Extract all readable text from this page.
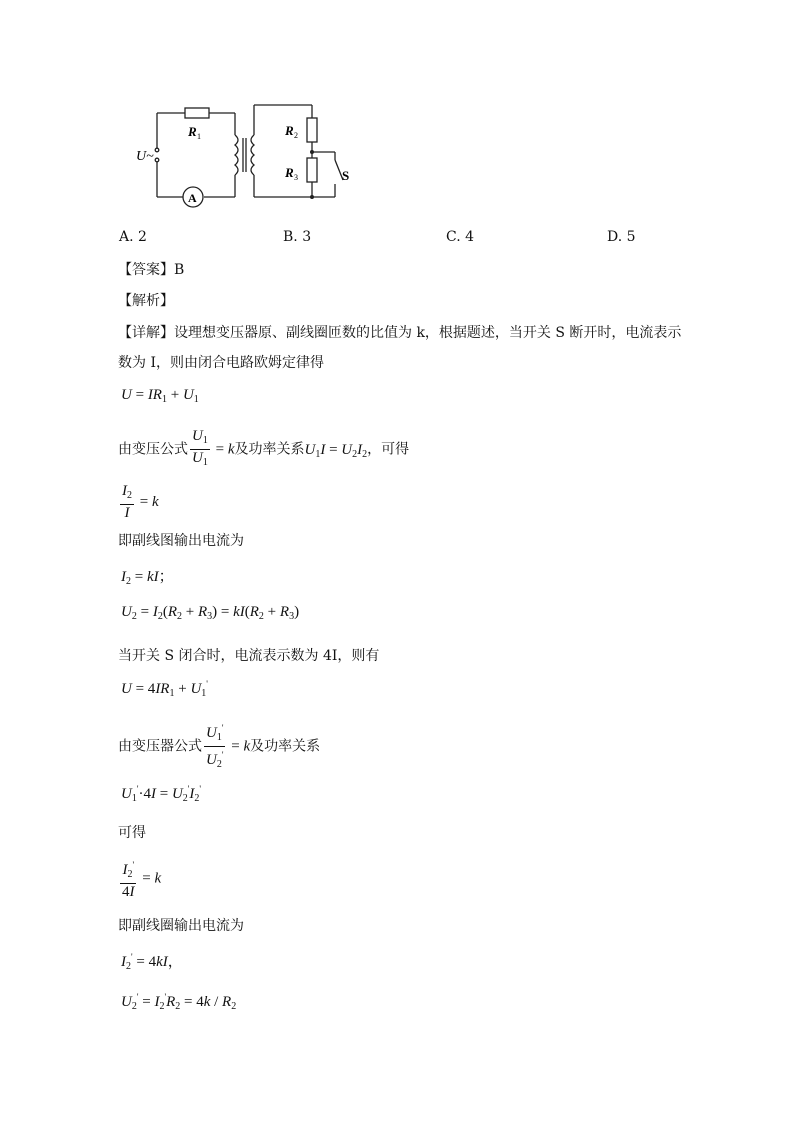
R 1	R 2
R 3
U~
A
S
A. 2	B. 3	C. 4	D. 5
【答案】B
【解析】
【详解】设理想变压器原、副线圈匝数的比值为 k，根据题述，当开关 S 断开时，电流表示
数为 I，则由闭合电路欧姆定律得
$U = IR_1 + U_1$
由变压公式 $\frac{U_1}{U_1} = k$及功率关系$U_1I = U_2I_2$，可得
$\frac{I_2}{I} = k$
即副线图输出电流为
$I_2$ = kI；
$U_2 = I_2(R_2 + R_3) = kI(R_2 + R_3)$
当开关 S 闭合时，电流表示数为 4I，则有
$U = 4IR_1 + U_1'$
由变压器公式 $\frac{U_1'}{U_2'} = k$及功率关系
$U_1'\cdot 4I = U_2'I_2'$
可得
$\frac{I_2'}{4I} = k$
即副线圈输出电流为
$I_2' = 4kI$，
$U_2' = I_2'R_2 = 4k / R_2$
